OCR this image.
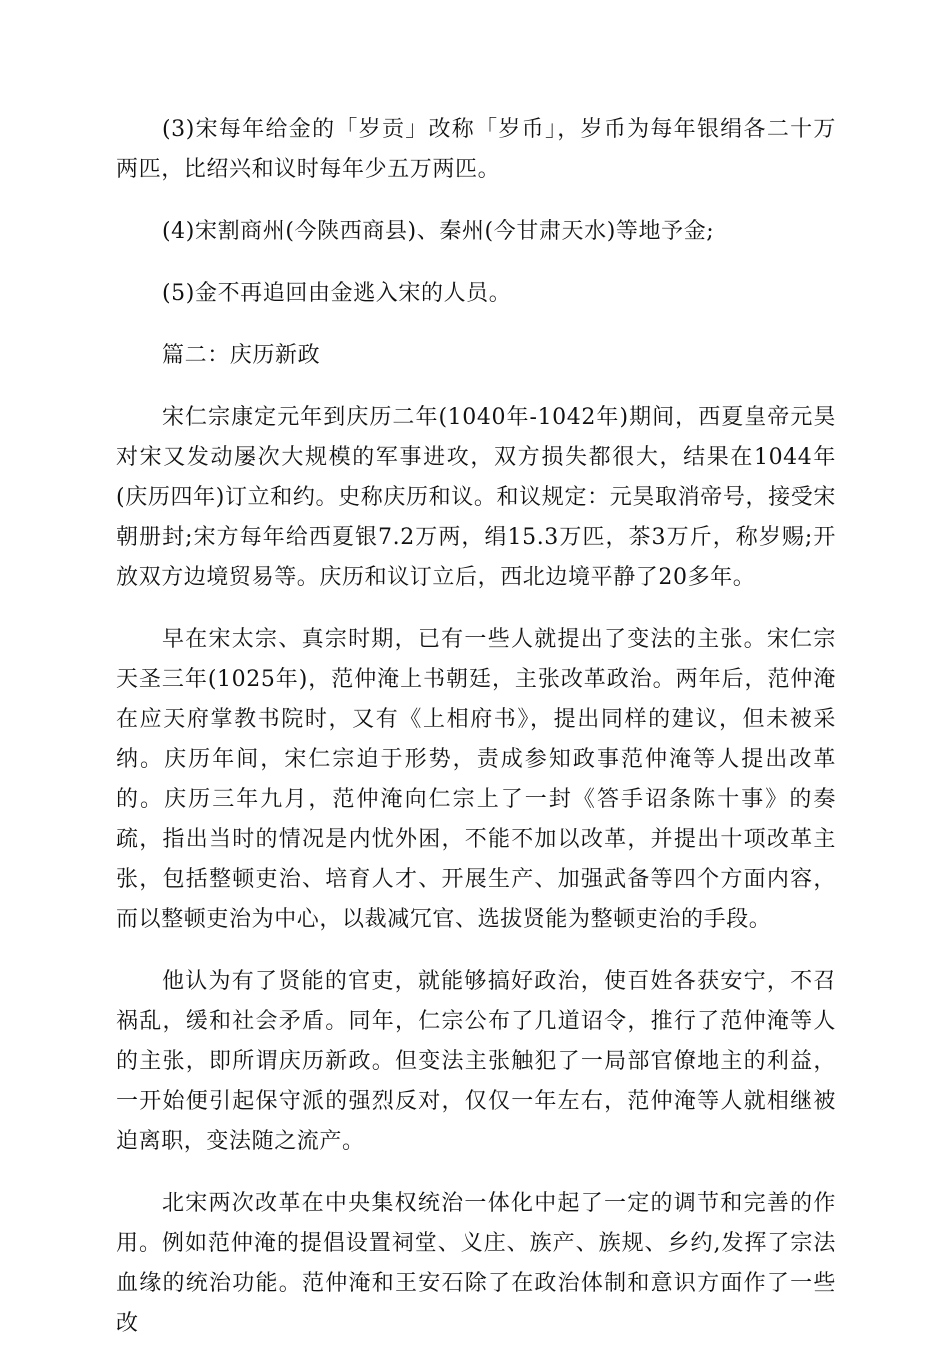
(3)宋每年给金的「岁贡」改称「岁币」，岁币为每年银绢各二十万两匹，比绍兴和议时每年少五万两匹。

(4)宋割商州(今陕西商县)、秦州(今甘肃天水)等地予金;

(5)金不再追回由金逃入宋的人员。

篇二：庆历新政

宋仁宗康定元年到庆历二年(1040年-1042年)期间，西夏皇帝元昊对宋又发动屡次大规模的军事进攻，双方损失都很大，结果在1044年(庆历四年)订立和约。史称庆历和议。和议规定：元昊取消帝号，接受宋朝册封;宋方每年给西夏银7.2万两，绢15.3万匹，茶3万斤，称岁赐;开放双方边境贸易等。庆历和议订立后，西北边境平静了20多年。

早在宋太宗、真宗时期，已有一些人就提出了变法的主张。宋仁宗天圣三年(1025年)，范仲淹上书朝廷，主张改革政治。两年后，范仲淹在应天府掌教书院时，又有《上相府书》，提出同样的建议，但未被采纳。庆历年间，宋仁宗迫于形势，责成参知政事范仲淹等人提出改革的。庆历三年九月，范仲淹向仁宗上了一封《答手诏条陈十事》的奏疏，指出当时的情况是内忧外困，不能不加以改革，并提出十项改革主张，包括整顿吏治、培育人才、开展生产、加强武备等四个方面内容，而以整顿吏治为中心，以裁减冗官、选拔贤能为整顿吏治的手段。

他认为有了贤能的官吏，就能够搞好政治，使百姓各获安宁，不召祸乱，缓和社会矛盾。同年，仁宗公布了几道诏令，推行了范仲淹等人的主张，即所谓庆历新政。但变法主张触犯了一局部官僚地主的利益，一开始便引起保守派的强烈反对，仅仅一年左右，范仲淹等人就相继被迫离职，变法随之流产。

北宋两次改革在中央集权统治一体化中起了一定的调节和完善的作用。例如范仲淹的提倡设置祠堂、义庄、族产、族规、乡约,发挥了宗法血缘的统治功能。范仲淹和王安石除了在政治体制和意识方面作了一些改
